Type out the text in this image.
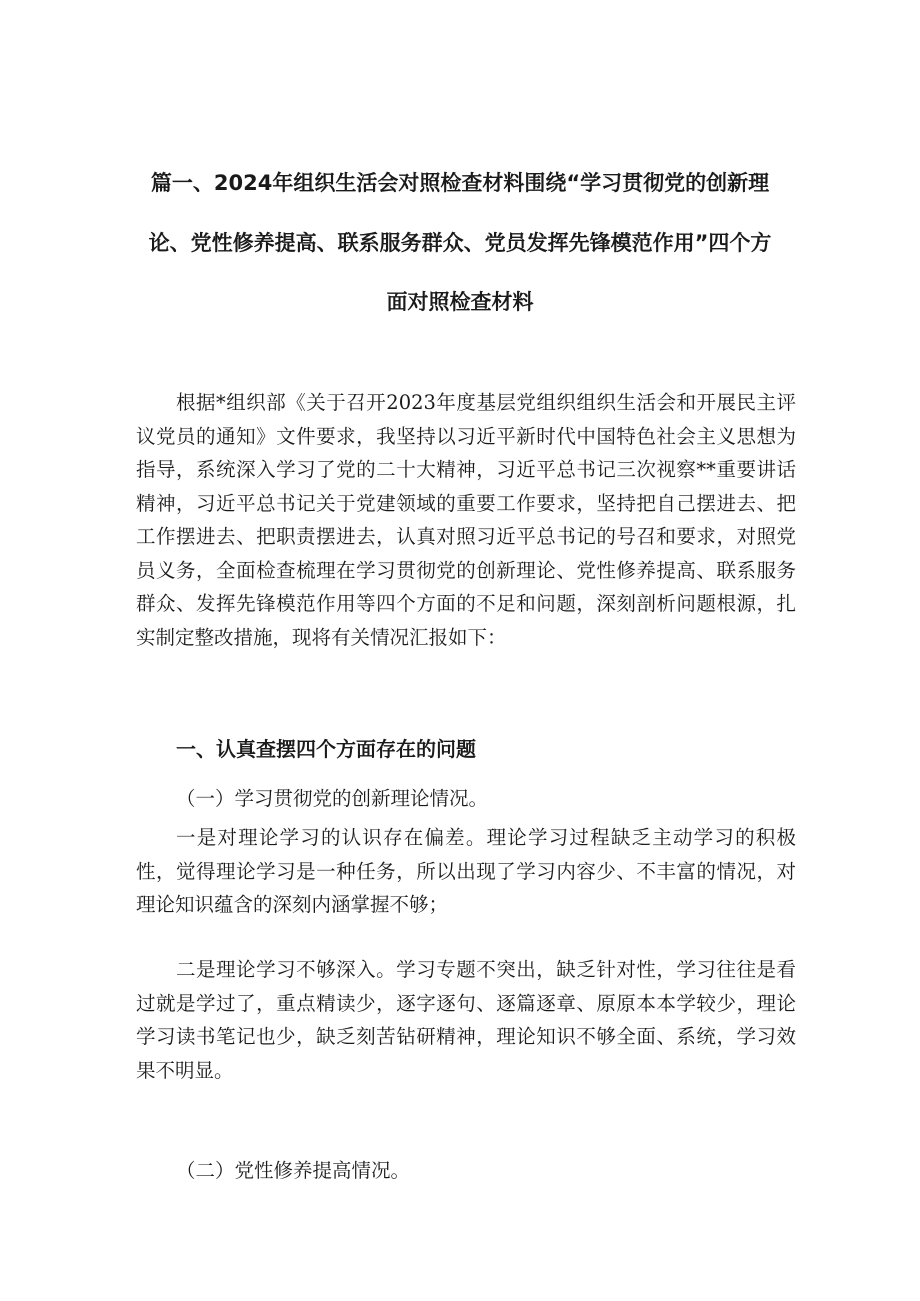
篇一、2024年组织生活会对照检查材料围绕“学习贯彻党的创新理
论、党性修养提高、联系服务群众、党员发挥先锋模范作用”四个方
面对照检查材料
根据*组织部《关于召开2023年度基层党组织组织生活会和开展民主评议党员的通知》文件要求，我坚持以习近平新时代中国特色社会主义思想为指导，系统深入学习了党的二十大精神，习近平总书记三次视察**重要讲话精神，习近平总书记关于党建领域的重要工作要求，坚持把自己摆进去、把工作摆进去、把职责摆进去，认真对照习近平总书记的号召和要求，对照党员义务，全面检查梳理在学习贯彻党的创新理论、党性修养提高、联系服务群众、发挥先锋模范作用等四个方面的不足和问题，深刻剖析问题根源，扎实制定整改措施，现将有关情况汇报如下：
一、认真查摆四个方面存在的问题
（一）学习贯彻党的创新理论情况。
一是对理论学习的认识存在偏差。理论学习过程缺乏主动学习的积极性，觉得理论学习是一种任务，所以出现了学习内容少、不丰富的情况，对理论知识蕴含的深刻内涵掌握不够；
二是理论学习不够深入。学习专题不突出，缺乏针对性，学习往往是看过就是学过了，重点精读少，逐字逐句、逐篇逐章、原原本本学较少，理论学习读书笔记也少，缺乏刻苦钻研精神，理论知识不够全面、系统，学习效果不明显。
（二）党性修养提高情况。
